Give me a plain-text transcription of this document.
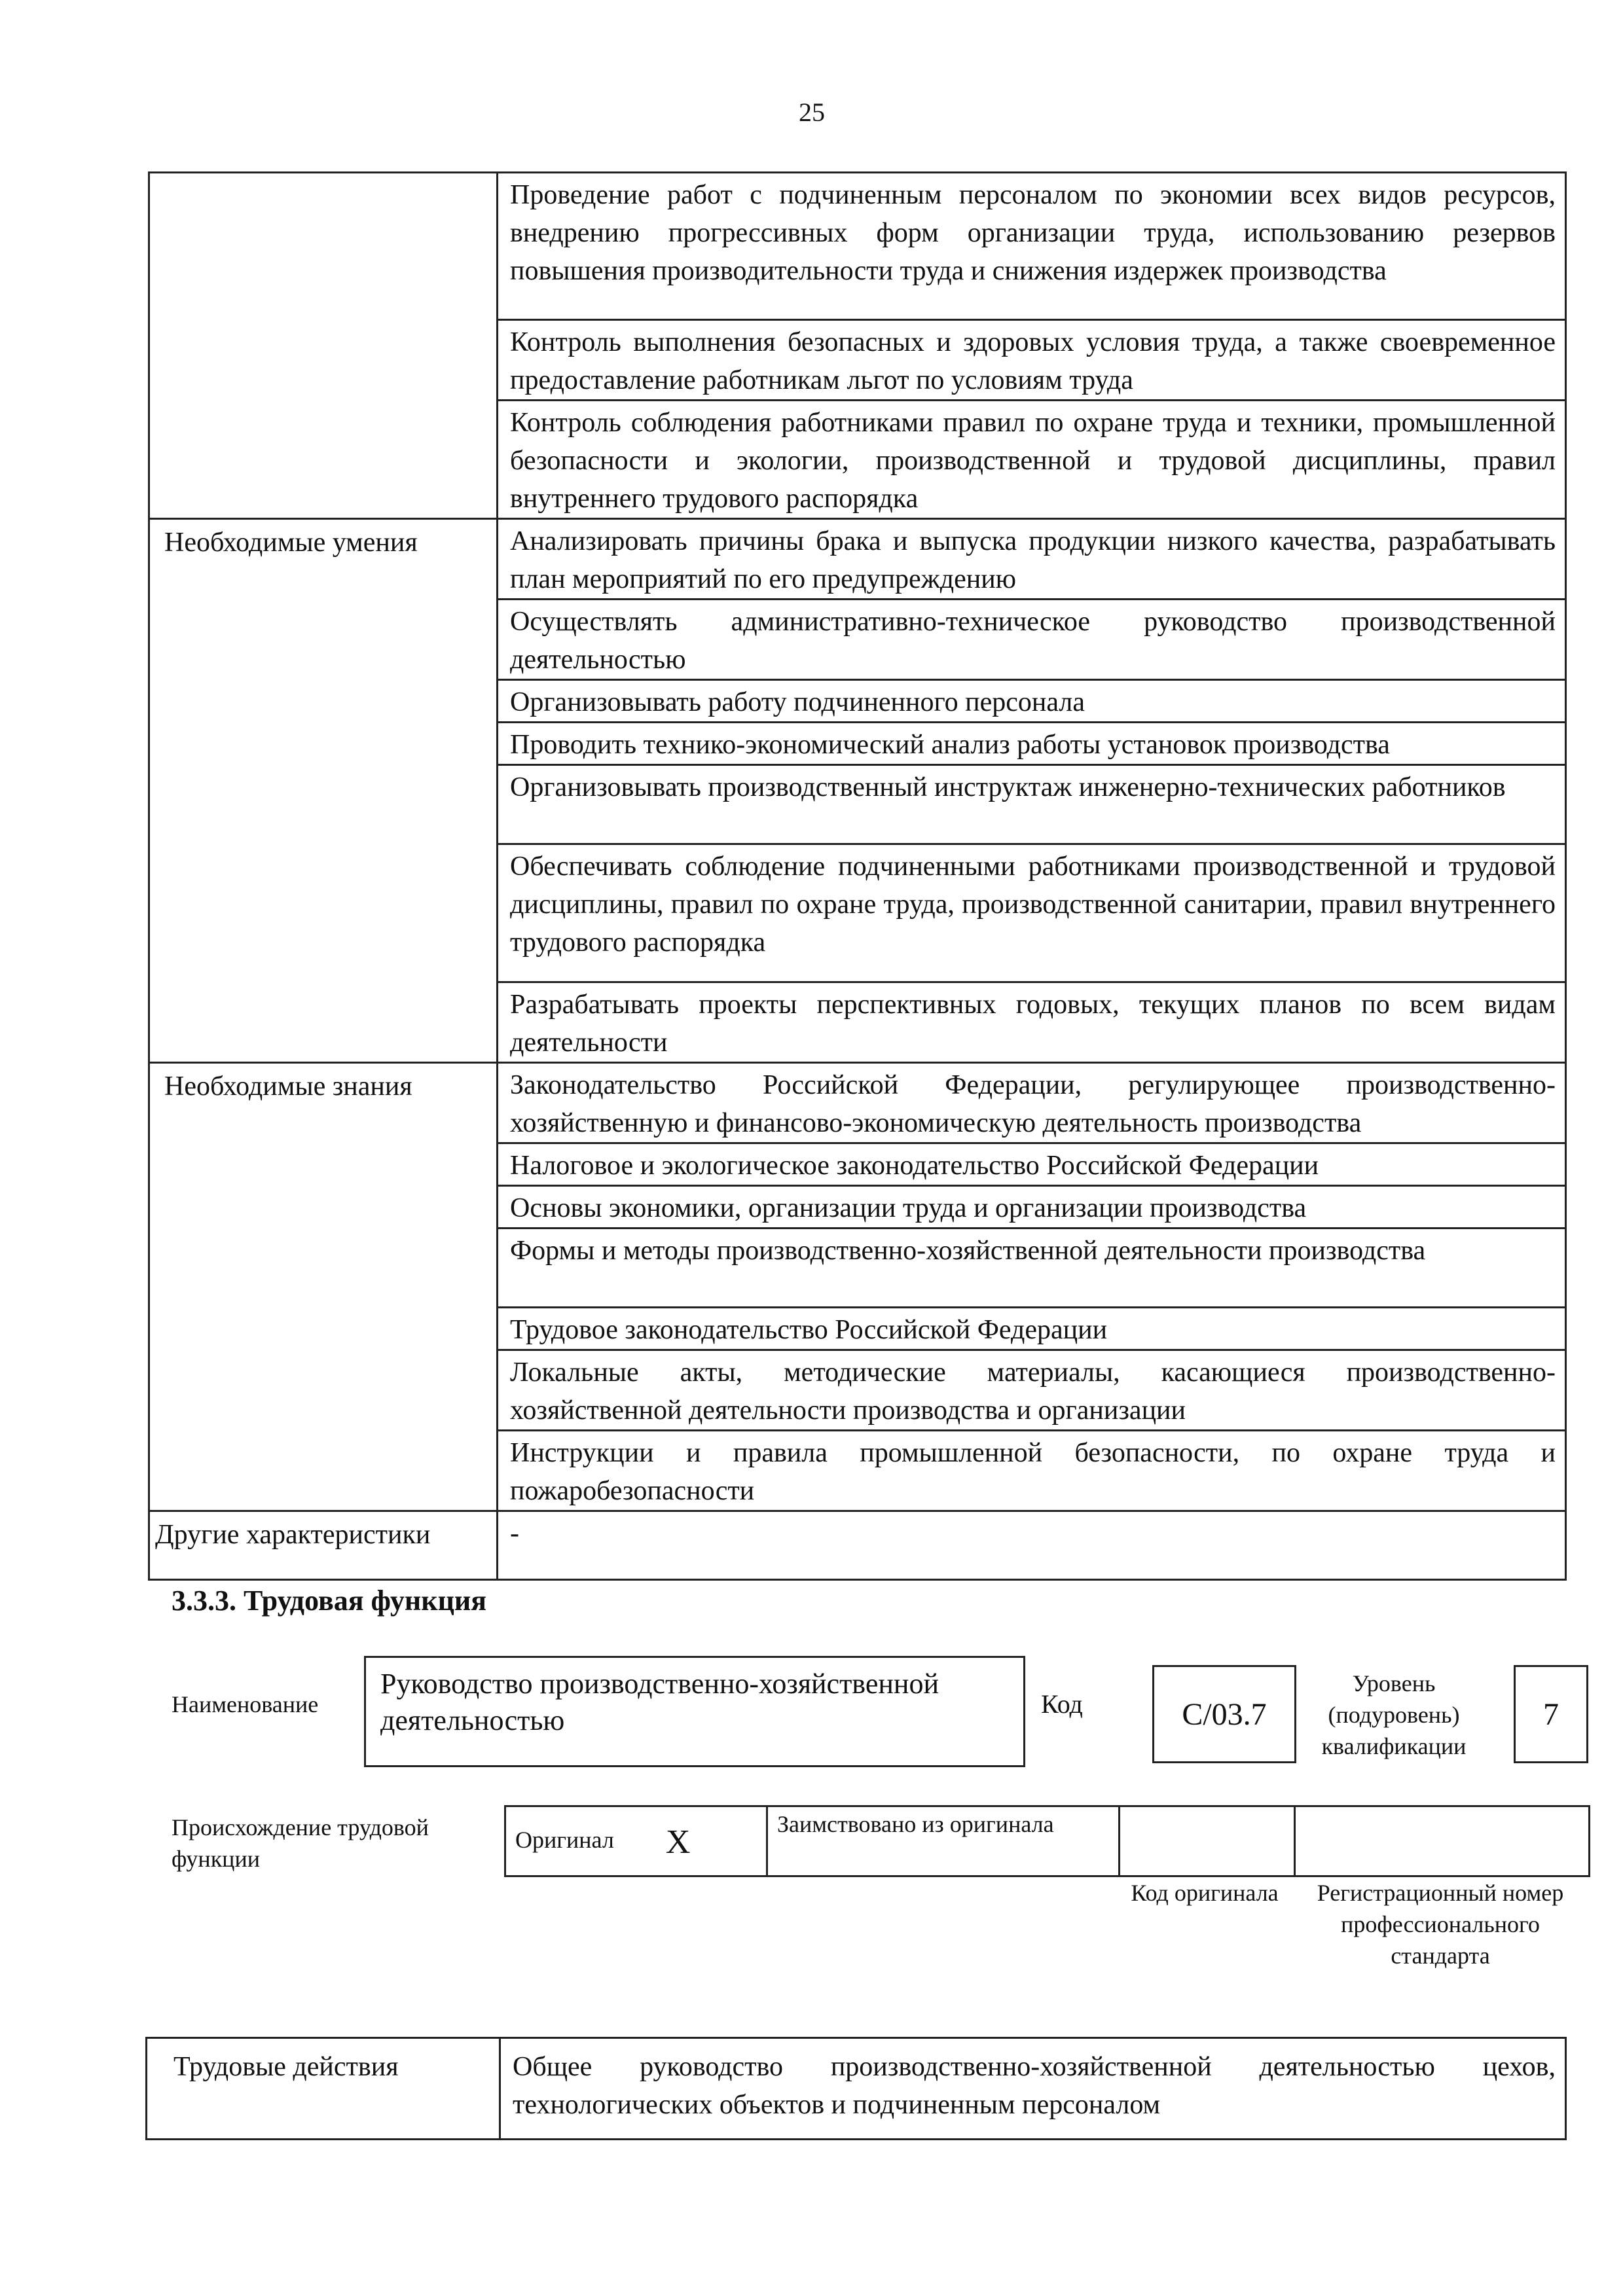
25
	Проведение работ с подчиненным персоналом по экономии всех видов ресурсов, внедрению прогрессивных форм организации труда, использованию резервов повышения производительности труда и снижения издержек производства
	Контроль выполнения безопасных и здоровых условия труда, а также своевременное предоставление работникам льгот по условиям труда
	Контроль соблюдения работниками правил по охране труда и техники, промышленной безопасности и экологии, производственной и трудовой дисциплины, правил внутреннего трудового распорядка
Необходимые умения	Анализировать причины брака и выпуска продукции низкого качества, разрабатывать план мероприятий по его предупреждению
	Осуществлять административно-техническое руководство производственной деятельностью
	Организовывать работу подчиненного персонала
	Проводить технико-экономический анализ работы установок производства
	Организовывать производственный инструктаж инженерно-технических работников
	Обеспечивать соблюдение подчиненными работниками производственной и трудовой дисциплины, правил по охране труда, производственной санитарии, правил внутреннего трудового распорядка
	Разрабатывать проекты перспективных годовых, текущих планов по всем видам деятельности
Необходимые знания	Законодательство Российской Федерации, регулирующее производственно-хозяйственную и финансово-экономическую деятельность производства
	Налоговое и экологическое законодательство Российской Федерации
	Основы экономики, организации труда и организации производства
	Формы и методы производственно-хозяйственной деятельности производства
	Трудовое законодательство Российской Федерации
	Локальные акты, методические материалы, касающиеся производственно-хозяйственной деятельности производства и организации
	Инструкции и правила промышленной безопасности, по охране труда и пожаробезопасности
Другие характеристики	-
3.3.3. Трудовая функция
Наименование
Руководство производственно-хозяйственной деятельностью
Код	C/03.7
Уровень (подуровень) квалификации
7
Происхождение трудовой функции
Оригинал X	Заимствовано из оригинала		
Код оригинала	Регистрационный номер профессионального стандарта
Трудовые действия	Общее руководство производственно-хозяйственной деятельностью цехов, технологических объектов и подчиненным персоналом
